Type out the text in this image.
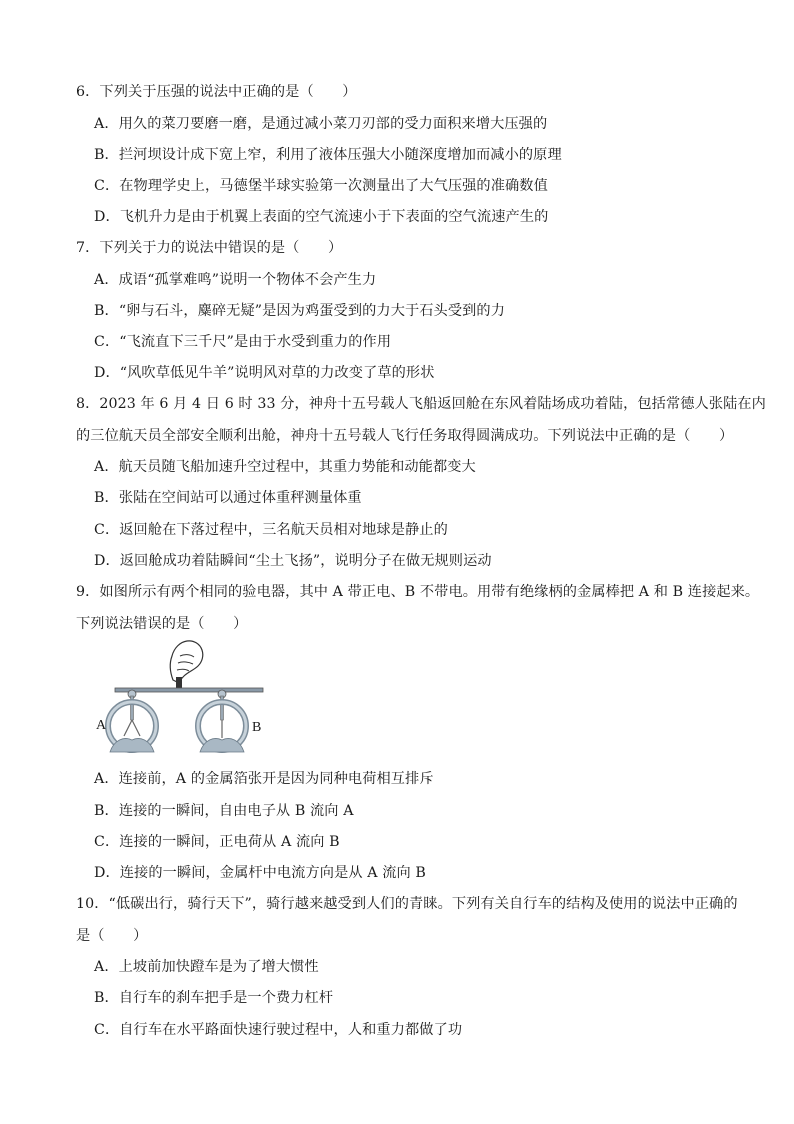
6．下列关于压强的说法中正确的是（　　）
A．用久的菜刀要磨一磨，是通过减小菜刀刃部的受力面积来增大压强的
B．拦河坝设计成下宽上窄，利用了液体压强大小随深度增加而减小的原理
C．在物理学史上，马德堡半球实验第一次测量出了大气压强的准确数值
D．飞机升力是由于机翼上表面的空气流速小于下表面的空气流速产生的
7．下列关于力的说法中错误的是（　　）
A．成语“孤掌难鸣”说明一个物体不会产生力
B．“卵与石斗，麋碎无疑”是因为鸡蛋受到的力大于石头受到的力
C．“飞流直下三千尺”是由于水受到重力的作用
D．“风吹草低见牛羊”说明风对草的力改变了草的形状
8．2023 年 6 月 4 日 6 时 33 分，神舟十五号载人飞船返回舱在东风着陆场成功着陆，包括常德人张陆在内
的三位航天员全部安全顺利出舱，神舟十五号载人飞行任务取得圆满成功。下列说法中正确的是（　　）
A．航天员随飞船加速升空过程中，其重力势能和动能都变大
B．张陆在空间站可以通过体重秤测量体重
C．返回舱在下落过程中，三名航天员相对地球是静止的
D．返回舱成功着陆瞬间“尘土飞扬”，说明分子在做无规则运动
9．如图所示有两个相同的验电器，其中 A 带正电、B 不带电。用带有绝缘柄的金属棒把 A 和 B 连接起来。
下列说法错误的是（　　）
A	B
A．连接前，A 的金属箔张开是因为同种电荷相互排斥
B．连接的一瞬间，自由电子从 B 流向 A
C．连接的一瞬间，正电荷从 A 流向 B
D．连接的一瞬间，金属杆中电流方向是从 A 流向 B
10．“低碳出行，骑行天下”，骑行越来越受到人们的青睐。下列有关自行车的结构及使用的说法中正确的
是（　　）
A．上坡前加快蹬车是为了增大惯性
B．自行车的刹车把手是一个费力杠杆
C．自行车在水平路面快速行驶过程中，人和重力都做了功
